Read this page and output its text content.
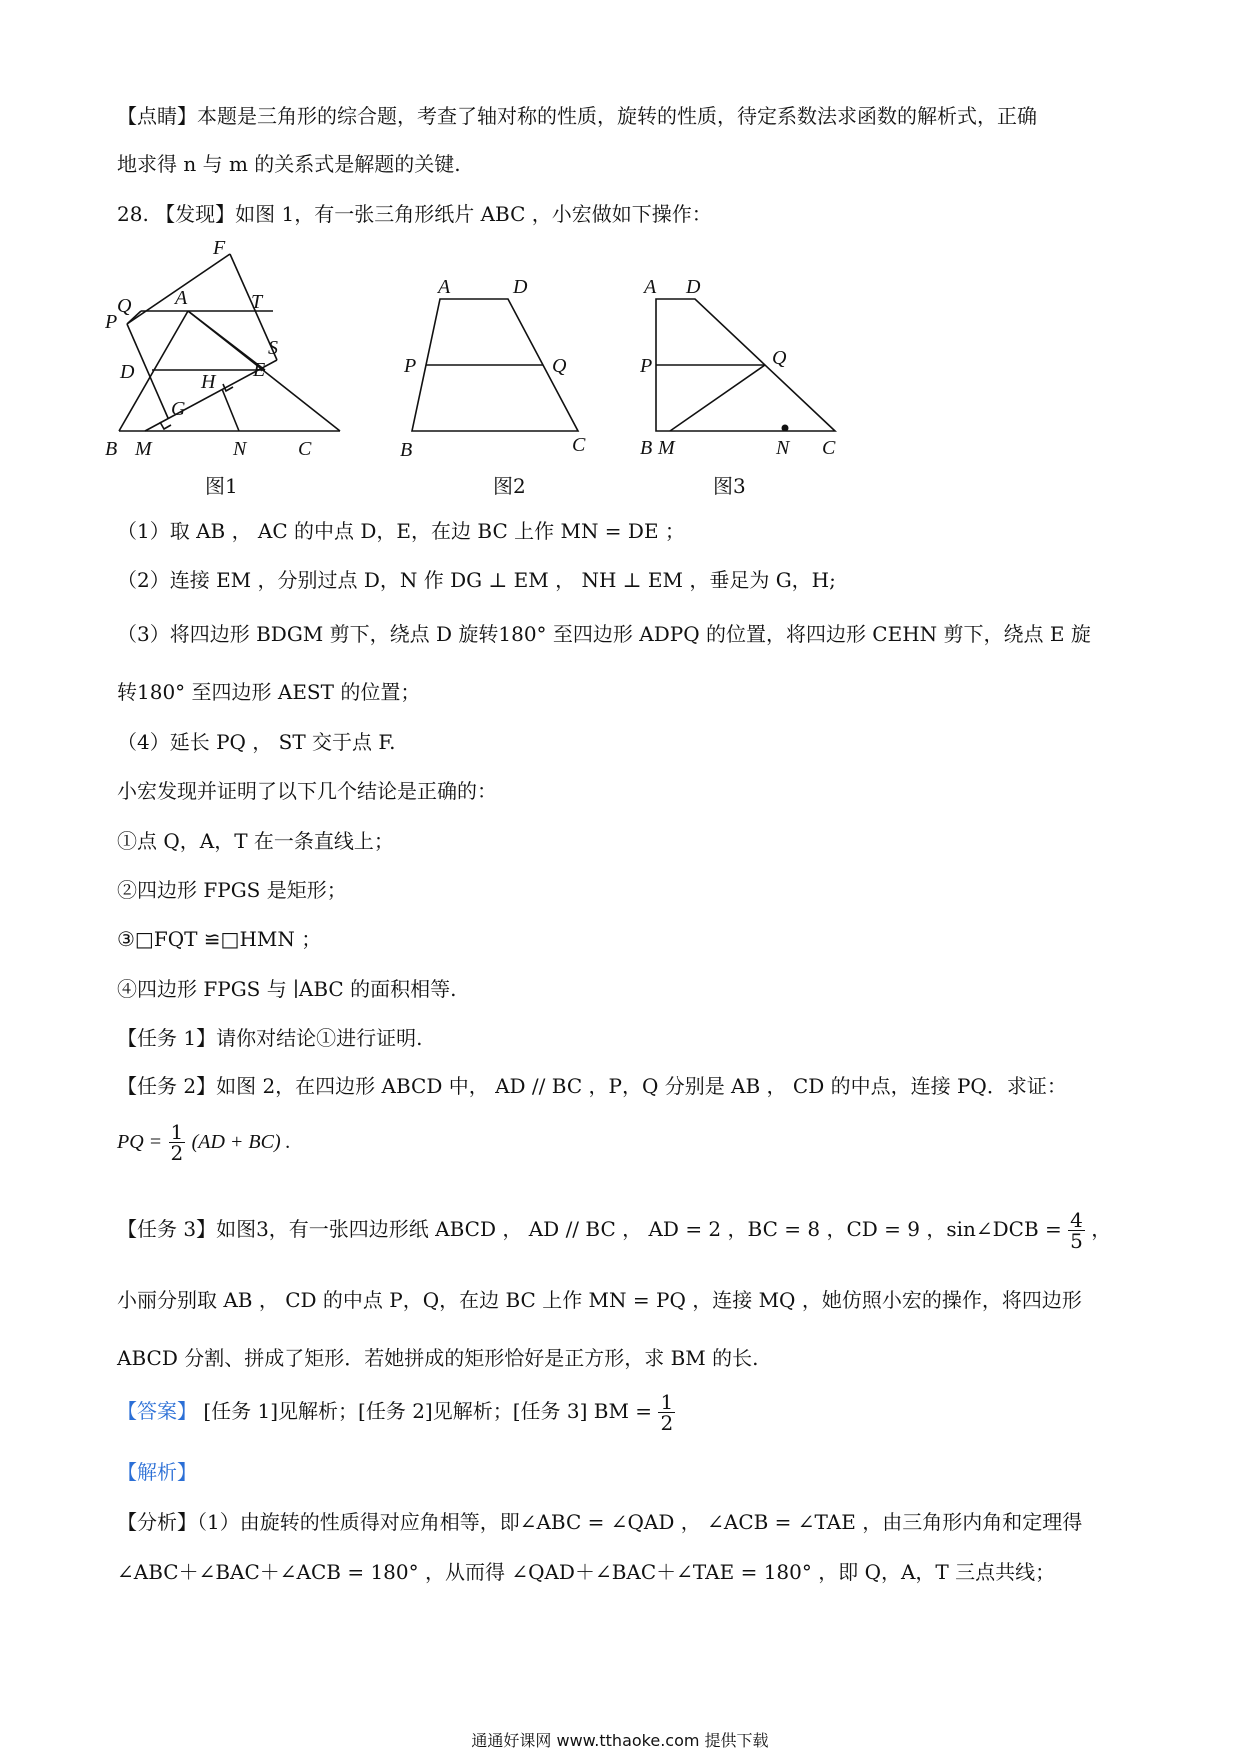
【点睛】本题是三角形的综合题，考查了轴对称的性质，旋转的性质，待定系数法求函数的解析式，正确
地求得 n 与 m 的关系式是解题的关键.
28. 【发现】如图 1，有一张三角形纸片 ABC ，小宏做如下操作：
F
Q A	T
P
D
S
E
H
G
B M	N	C
图1
A	D
P	Q
B	C
图2
A D
P	Q
B M	N C
图3
（1）取 AB ， AC 的中点 D，E，在边 BC 上作 MN = DE ；
（2）连接 EM ，分别过点 D，N 作 DG ⊥ EM ， NH ⊥ EM ，垂足为 G，H;
（3）将四边形 BDGM 剪下，绕点 D 旋转180° 至四边形 ADPQ 的位置，将四边形 CEHN 剪下，绕点 E 旋
转180° 至四边形 AEST 的位置；
（4）延长 PQ ， ST 交于点 F.
小宏发现并证明了以下几个结论是正确的：
①点 Q，A，T 在一条直线上；
②四边形 FPGS 是矩形；
③□FQT ≌□HMN ；
④四边形 FPGS 与 ∣ABC 的面积相等.
【任务 1】请你对结论①进行证明.
【任务 2】如图 2，在四边形 ABCD 中， AD // BC ，P，Q 分别是 AB ， CD 的中点，连接 PQ．求证：
PQ = $\frac{1}{2} (AD + BC)$ .
【任务 3】如图3，有一张四边形纸 ABCD ， AD // BC ， AD = 2 ，BC = 8 ，CD = 9 ，sin∠DCB = $\frac{4}{5}$ ，
小丽分别取 AB ， CD 的中点 P，Q，在边 BC 上作 MN = PQ ，连接 MQ ，她仿照小宏的操作，将四边形
ABCD 分割、拼成了矩形．若她拼成的矩形恰好是正方形，求 BM 的长.
【答案】 [任务 1]见解析；[任务 2]见解析；[任务 3] BM = $\frac{1}{2}$
【解析】
【分析】（1）由旋转的性质得对应角相等，即∠ABC = ∠QAD ， ∠ACB = ∠TAE ，由三角形内角和定理得
∠ABC＋∠BAC＋∠ACB = 180° ，从而得 ∠QAD＋∠BAC＋∠TAE = 180° ，即 Q，A，T 三点共线；
通通好课网 www.tthaoke.com 提供下载
